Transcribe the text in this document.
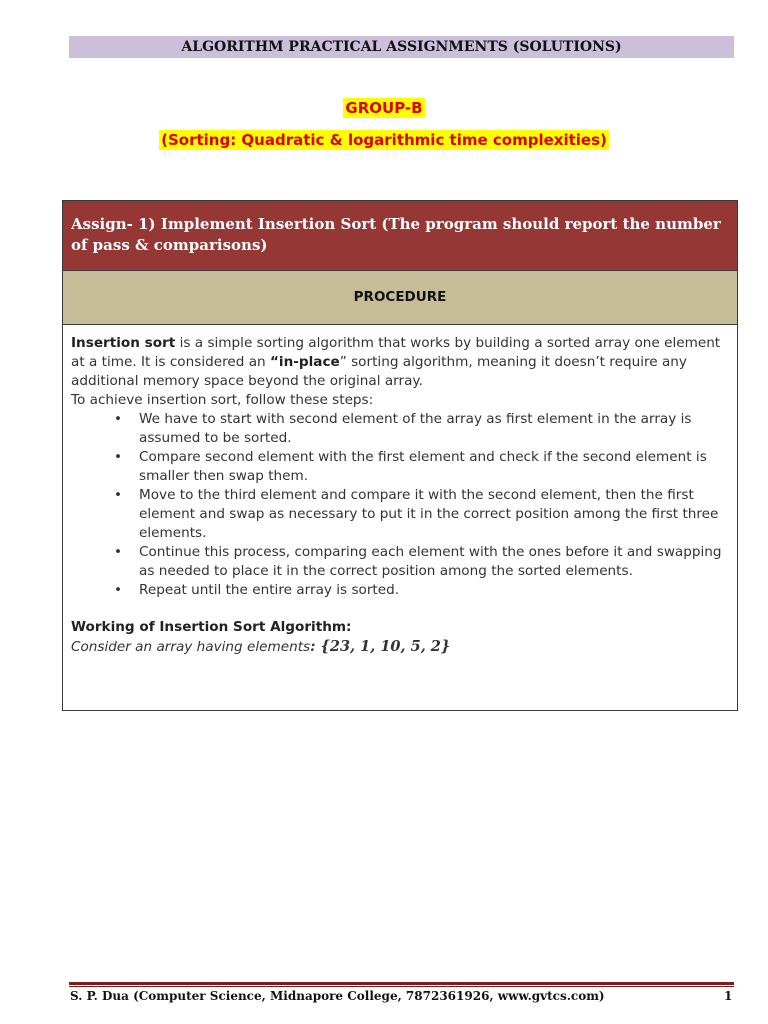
ALGORITHM PRACTICAL ASSIGNMENTS (SOLUTIONS)
GROUP-B
(Sorting: Quadratic & logarithmic time complexities)
Assign- 1) Implement Insertion Sort (The program should report the number of pass & comparisons)
PROCEDURE

Insertion sort is a simple sorting algorithm that works by building a sorted array one element at a time. It is considered an “in-place” sorting algorithm, meaning it doesn’t require any additional memory space beyond the original array.

To achieve insertion sort, follow these steps:

• We have to start with second element of the array as first element in the array is assumed to be sorted.
• Compare second element with the first element and check if the second element is smaller then swap them.
• Move to the third element and compare it with the second element, then the first element and swap as necessary to put it in the correct position among the first three elements.
• Continue this process, comparing each element with the ones before it and swapping as needed to place it in the correct position among the sorted elements.
• Repeat until the entire array is sorted.

Working of Insertion Sort Algorithm:

Consider an array having elements: {23, 1, 10, 5, 2}

S. P. Dua (Computer Science, Midnapore College, 7872361926, www.gvtcs.com)	1
